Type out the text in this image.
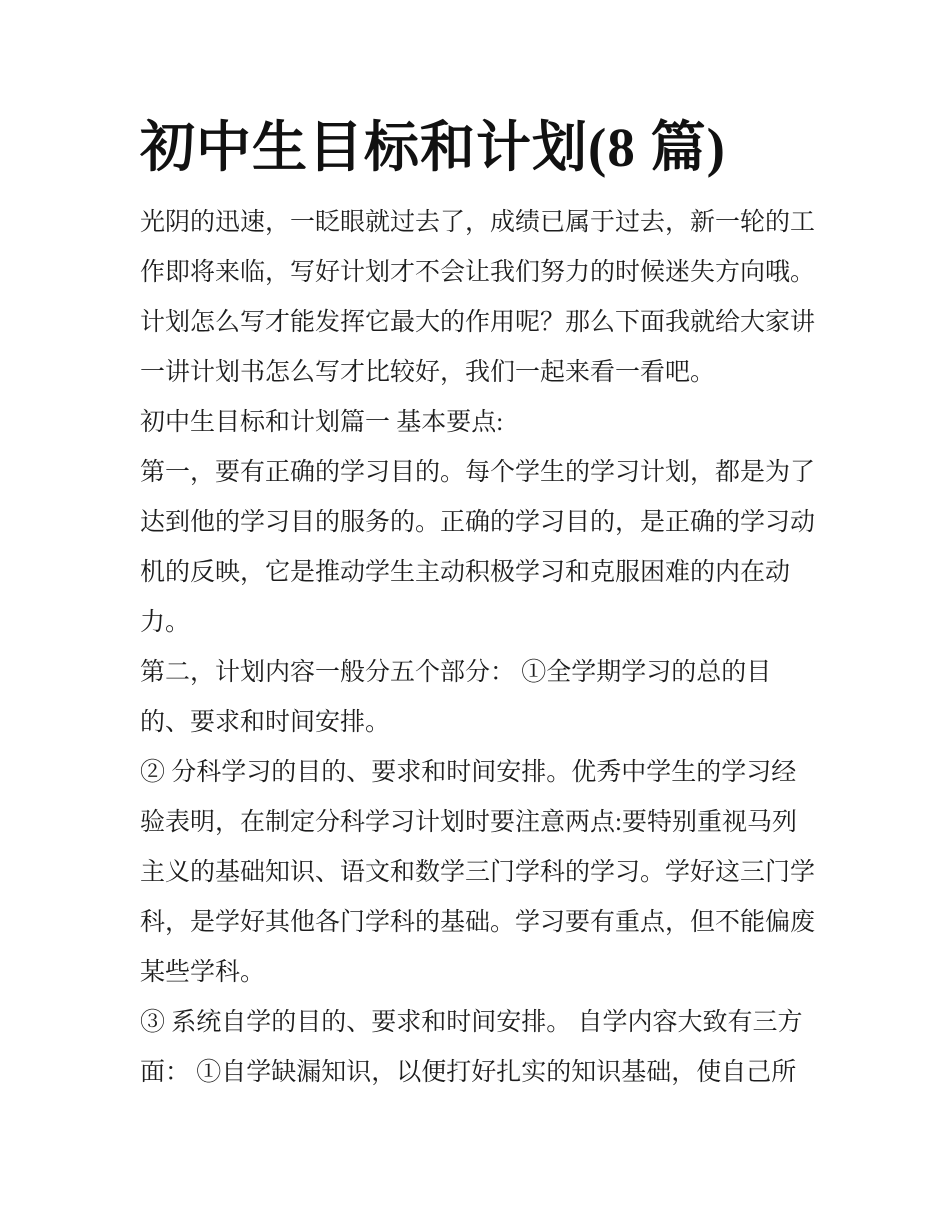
初中生目标和计划(8 篇)
光阴的迅速，一眨眼就过去了，成绩已属于过去，新一轮的工
作即将来临，写好计划才不会让我们努力的时候迷失方向哦。
计划怎么写才能发挥它最大的作用呢？那么下面我就给大家讲
一讲计划书怎么写才比较好，我们一起来看一看吧。
初中生目标和计划篇一 基本要点:
第一，要有正确的学习目的。每个学生的学习计划，都是为了
达到他的学习目的服务的。正确的学习目的，是正确的学习动
机的反映，它是推动学生主动积极学习和克服困难的内在动
力。
第二，计划内容一般分五个部分： ①全学期学习的总的目
的、要求和时间安排。
② 分科学习的目的、要求和时间安排。优秀中学生的学习经
验表明，在制定分科学习计划时要注意两点:要特别重视马列
主义的基础知识、语文和数学三门学科的学习。学好这三门学
科，是学好其他各门学科的基础。学习要有重点，但不能偏废
某些学科。
③ 系统自学的目的、要求和时间安排。 自学内容大致有三方
面： ①自学缺漏知识，以便打好扎实的知识基础，使自己所
